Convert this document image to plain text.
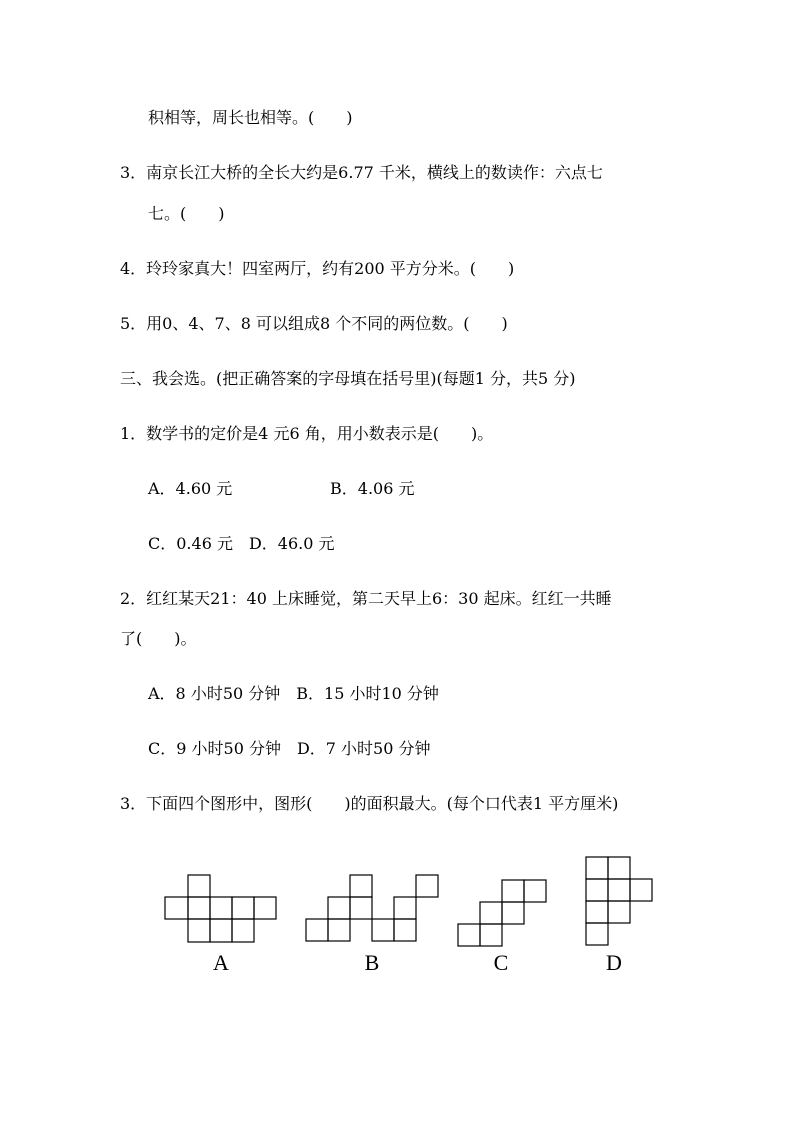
积相等，周长也相等。(　　)
3．南京长江大桥的全长大约是6.77 千米，横线上的数读作：六点七
七。(　　)
4．玲玲家真大！四室两厅，约有200 平方分米。(　　)
5．用0、4、7、8 可以组成8 个不同的两位数。(　　)
三、我会选。(把正确答案的字母填在括号里)(每题1 分，共5 分)
1．数学书的定价是4 元6 角，用小数表示是(　　)。
A．4.60 元	B．4.06 元
C．0.46 元　D．46.0 元
2．红红某天21：40 上床睡觉，第二天早上6：30 起床。红红一共睡
了(　　)。
A．8 小时50 分钟　B．15 小时10 分钟
C．9 小时50 分钟　D．7 小时50 分钟
3．下面四个图形中，图形(　　)的面积最大。(每个口代表1 平方厘米)
A	B	C	D
